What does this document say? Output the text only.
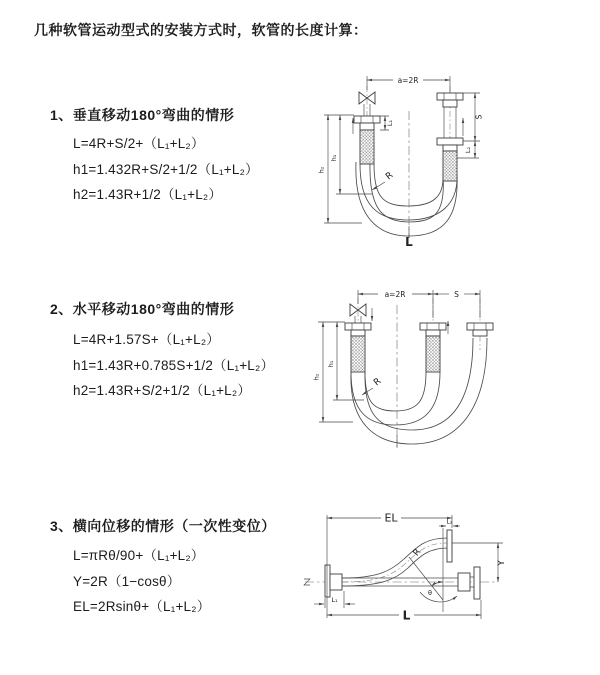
几种软管运动型式的安装方式时，软管的长度计算：
1、垂直移动180°弯曲的情形
L=4R+S/2+（L₁+L₂）
h1=1.432R+S/2+1/2（L₁+L₂）
h2=1.43R+1/2（L₁+L₂）
2、水平移动180°弯曲的情形
L=4R+1.57S+（L₁+L₂）
h1=1.43R+0.785S+1/2（L₁+L₂）
h2=1.43R+S/2+1/2（L₁+L₂）
3、横向位移的情形（一次性变位）
L=πRθ/90+（L₁+L₂）
Y=2R（1−cosθ）
EL=2Rsinθ+（L₁+L₂）
a=2R
S
L₂
L₁
h₁
h₂
R
L
a=2R	S
h₁
h₂	R
θ
R
EL	L₂
Y
L₁
L
